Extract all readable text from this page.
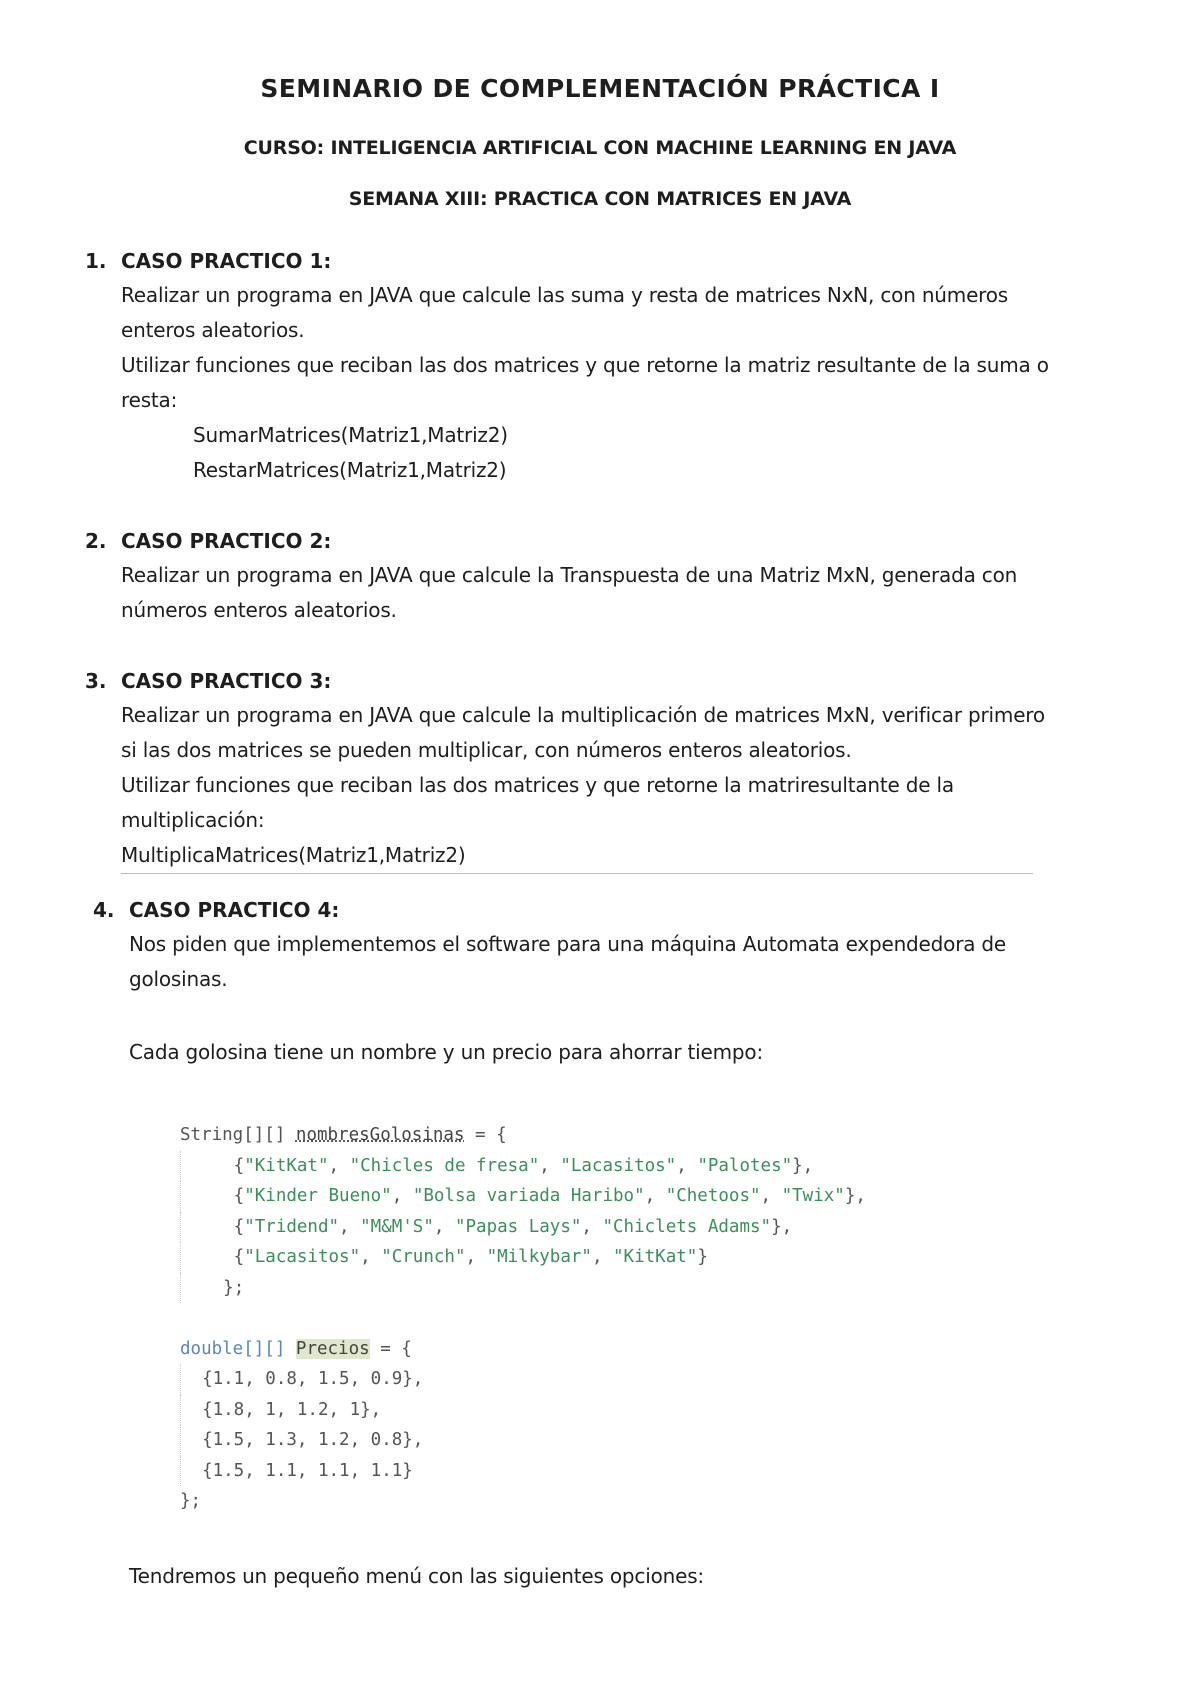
SEMINARIO DE COMPLEMENTACIÓN PRÁCTICA I
CURSO: INTELIGENCIA ARTIFICIAL CON MACHINE LEARNING EN JAVA
SEMANA XIII: PRACTICA CON MATRICES EN JAVA
1. CASO PRACTICO 1:

Realizar un programa en JAVA que calcule las suma y resta de matrices NxN, con números

enteros aleatorios.

Utilizar funciones que reciban las dos matrices y que retorne la matriz resultante de la suma o

resta:

SumarMatrices(Matriz1,Matriz2)

RestarMatrices(Matriz1,Matriz2)

2. CASO PRACTICO 2:

Realizar un programa en JAVA que calcule la Transpuesta de una Matriz MxN, generada con

números enteros aleatorios.

3. CASO PRACTICO 3:

Realizar un programa en JAVA que calcule la multiplicación de matrices MxN, verificar primero

si las dos matrices se pueden multiplicar, con números enteros aleatorios.

Utilizar funciones que reciban las dos matrices y que retorne la matriresultante de la

multiplicación:

MultiplicaMatrices(Matriz1,Matriz2)

4. CASO PRACTICO 4:

Nos piden que implementemos el software para una máquina Automata expendedora de

golosinas.

Cada golosina tiene un nombre y un precio para ahorrar tiempo:
String[][] nombresGolosinas = {
{"KitKat", "Chicles de fresa", "Lacasitos", "Palotes"},
{"Kinder Bueno", "Bolsa variada Haribo", "Chetoos", "Twix"},
{"Tridend", "M&M'S", "Papas Lays", "Chiclets Adams"},
{"Lacasitos", "Crunch", "Milkybar", "KitKat"}
};

double[][] Precios = {
{1.1, 0.8, 1.5, 0.9},
{1.8, 1, 1.2, 1},
{1.5, 1.3, 1.2, 0.8},
{1.5, 1.1, 1.1, 1.1}
};
Tendremos un pequeño menú con las siguientes opciones:
